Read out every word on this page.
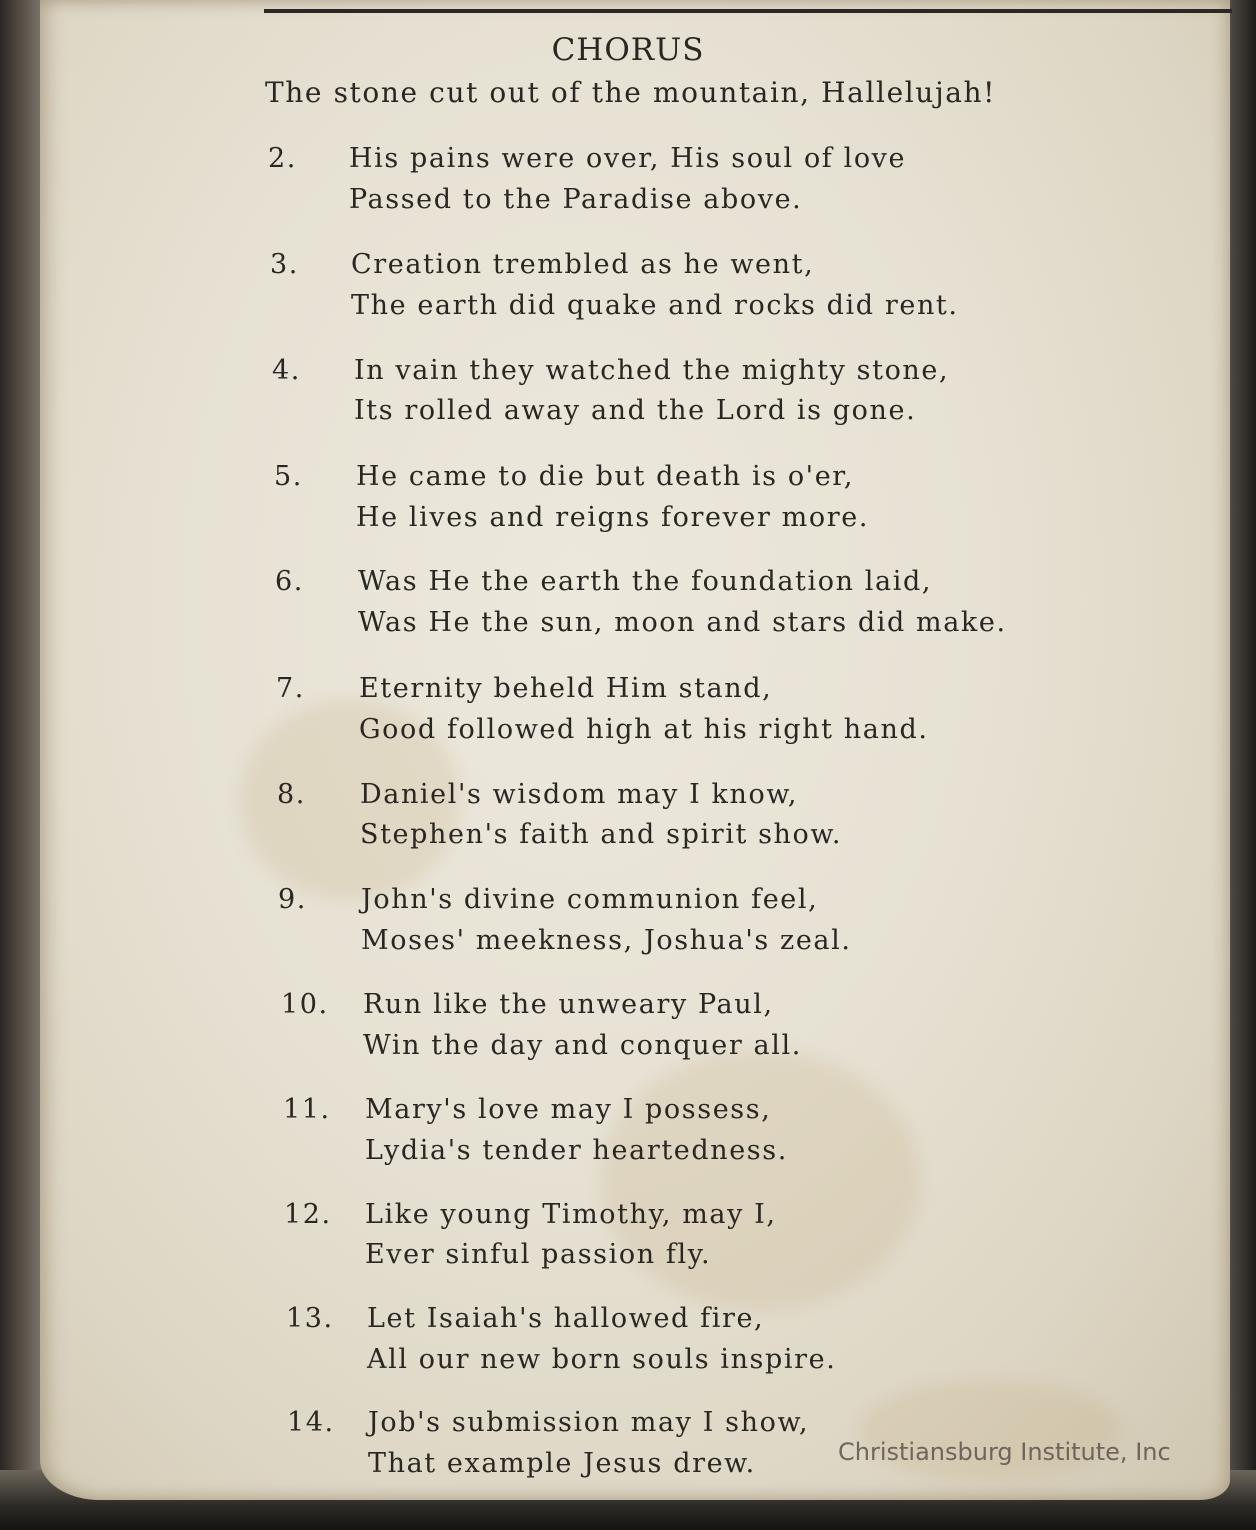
CHORUS
The stone cut out of the mountain, Hallelujah!
2.	His pains were over, His soul of love
Passed to the Paradise above.
3.	Creation trembled as he went,
The earth did quake and rocks did rent.
4.	In vain they watched the mighty stone,
Its rolled away and the Lord is gone.
5.	He came to die but death is o'er,
He lives and reigns forever more.
6.	Was He the earth the foundation laid,
Was He the sun, moon and stars did make.
7.	Eternity beheld Him stand,
Good followed high at his right hand.
8.	Daniel's wisdom may I know,
Stephen's faith and spirit show.
9.	John's divine communion feel,
Moses' meekness, Joshua's zeal.
10.	Run like the unweary Paul,
Win the day and conquer all.
11.	Mary's love may I possess,
Lydia's tender heartedness.
12.	Like young Timothy, may I,
Ever sinful passion fly.
13.	Let Isaiah's hallowed fire,
All our new born souls inspire.
14.	Job's submission may I show,
That example Jesus drew.	Christiansburg Institute, Inc
